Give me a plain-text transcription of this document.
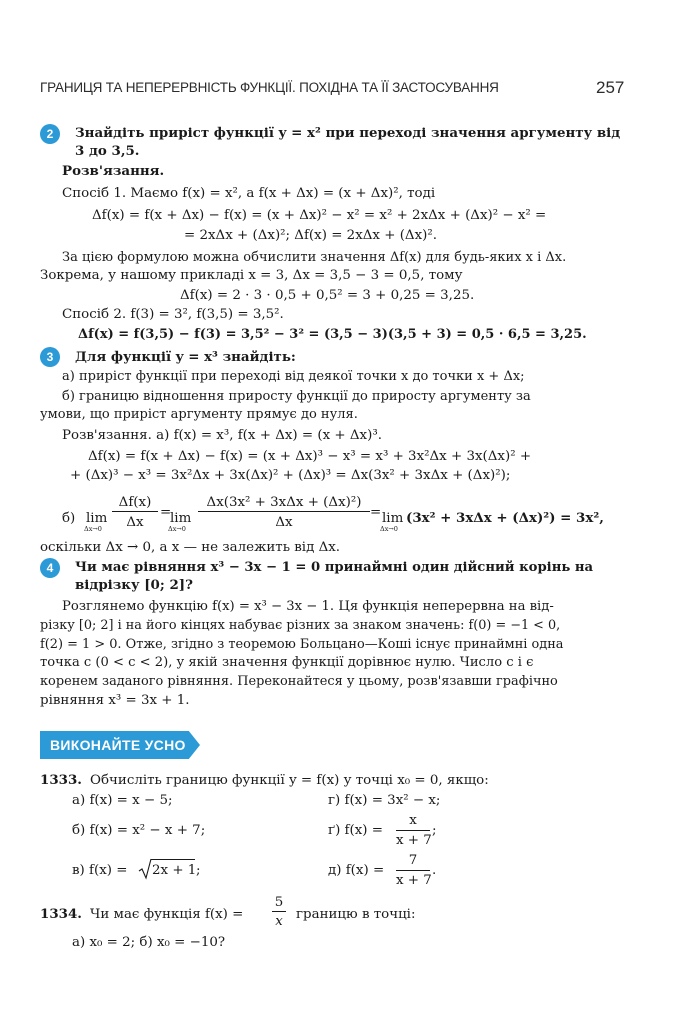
ГРАНИЦЯ ТА НЕПЕРЕРВНІСТЬ ФУНКЦІЇ. ПОХІДНА ТА ЇЇ ЗАСТОСУВАННЯ	257
2	Знайдіть приріст функції y = x² при переході значення аргументу від
3 до 3,5.
Розв'язання.
Спосіб 1. Маємо f(x) = x², а f(x + Δx) = (x + Δx)², тоді
Δf(x) = f(x + Δx) − f(x) = (x + Δx)² − x² = x² + 2xΔx + (Δx)² − x² =
= 2xΔx + (Δx)²; Δf(x) = 2xΔx + (Δx)².
За цією формулою можна обчислити значення Δf(x) для будь-яких x і Δx.
Зокрема, у нашому прикладі x = 3, Δx = 3,5 − 3 = 0,5, тому
Δf(x) = 2 · 3 · 0,5 + 0,5² = 3 + 0,25 = 3,25.
Спосіб 2. f(3) = 3², f(3,5) = 3,5².
Δf(x) = f(3,5) − f(3) = 3,5² − 3² = (3,5 − 3)(3,5 + 3) = 0,5 · 6,5 = 3,25.
3	Для функції y = x³ знайдіть:
а) приріст функції при переході від деякої точки x до точки x + Δx;
б) границю відношення приросту функції до приросту аргументу за
умови, що приріст аргументу прямує до нуля.
Розв'язання. а) f(x) = x³, f(x + Δx) = (x + Δx)³.
Δf(x) = f(x + Δx) − f(x) = (x + Δx)³ − x³ = x³ + 3x²Δx + 3x(Δx)² +
+ (Δx)³ − x³ = 3x²Δx + 3x(Δx)² + (Δx)³ = Δx(3x² + 3xΔx + (Δx)²);
б) lim
Δx→0
Δf(x)
Δx
=
lim
Δx→0
Δx(3x² + 3xΔx + (Δx)²)
Δx
= lim
Δx→0
(3x² + 3xΔx + (Δx)²) = 3x²,
оскільки Δx → 0, а x — не залежить від Δx.
4	Чи має рівняння x³ − 3x − 1 = 0 принаймні один дійсний корінь на
відрізку [0; 2]?
Розглянемо функцію f(x) = x³ − 3x − 1. Ця функція неперервна на від-
різку [0; 2] і на його кінцях набуває різних за знаком значень: f(0) = −1 < 0,
f(2) = 1 > 0. Отже, згідно з теоремою Больцано—Коші існує принаймні одна
точка c (0 < c < 2), у якій значення функції дорівнює нулю. Число c і є
коренем заданого рівняння. Переконайтеся у цьому, розв'язавши графічно
рівняння x³ = 3x + 1.
ВИКОНАЙТЕ УСНО
1333. Обчисліть границю функції y = f(x) у точці x₀ = 0, якщо:
а) f(x) = x − 5;	г) f(x) = 3x² − x;
б) f(x) = x² − x + 7;	ґ) f(x) =
x
x + 7
;
в) f(x) = 2x + 1 ;	д) f(x) =
7
x + 7
.
1334. Чи має функція f(x) =
5
x границю в точці:
а) x₀ = 2; б) x₀ = −10?
